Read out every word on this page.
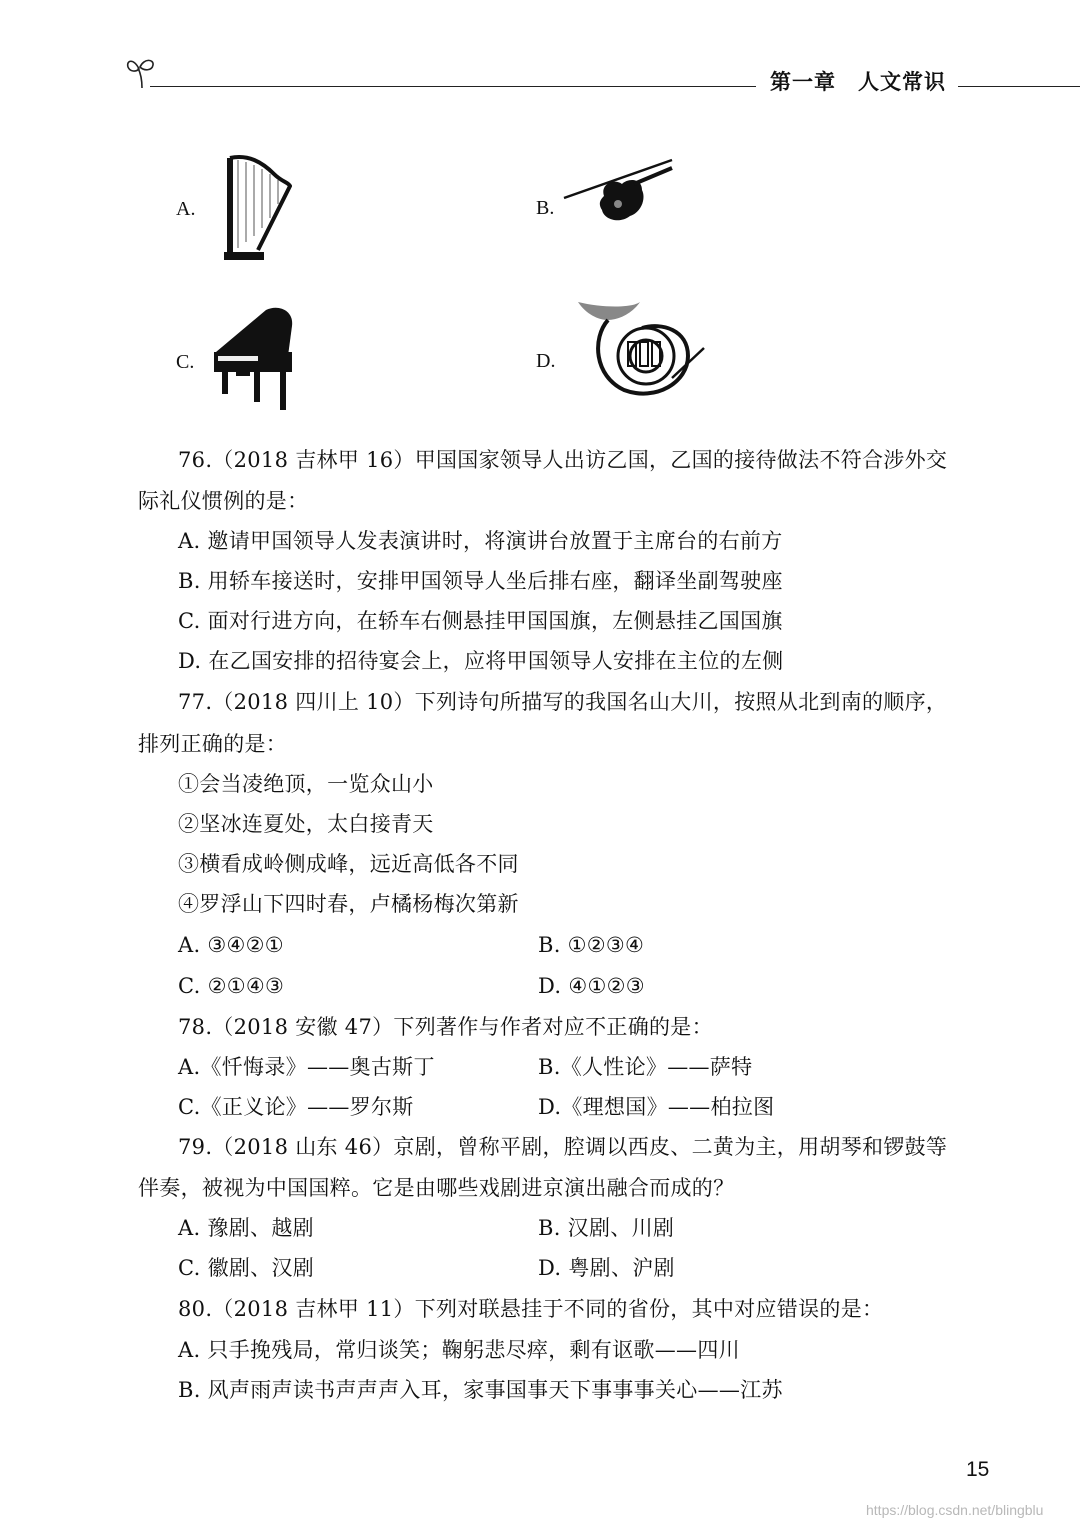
第一章 人文常识
A.	B.
C.	D.
76.（2018 吉林甲 16）甲国国家领导人出访乙国，乙国的接待做法不符合涉外交
际礼仪惯例的是：
A. 邀请甲国领导人发表演讲时，将演讲台放置于主席台的右前方
B. 用轿车接送时，安排甲国领导人坐后排右座，翻译坐副驾驶座
C. 面对行进方向，在轿车右侧悬挂甲国国旗，左侧悬挂乙国国旗
D. 在乙国安排的招待宴会上，应将甲国领导人安排在主位的左侧
77.（2018 四川上 10）下列诗句所描写的我国名山大川，按照从北到南的顺序，
排列正确的是：
①会当凌绝顶，一览众山小
②坚冰连夏处，太白接青天
③横看成岭侧成峰，远近高低各不同
④罗浮山下四时春，卢橘杨梅次第新
A. ③④②①	B. ①②③④
C. ②①④③	D. ④①②③
78.（2018 安徽 47）下列著作与作者对应不正确的是：
A.《忏悔录》——奥古斯丁	B.《人性论》——萨特
C.《正义论》——罗尔斯	D.《理想国》——柏拉图
79.（2018 山东 46）京剧，曾称平剧，腔调以西皮、二黄为主，用胡琴和锣鼓等
伴奏，被视为中国国粹。它是由哪些戏剧进京演出融合而成的？
A. 豫剧、越剧	B. 汉剧、川剧
C. 徽剧、汉剧	D. 粤剧、沪剧
80.（2018 吉林甲 11）下列对联悬挂于不同的省份，其中对应错误的是：
A. 只手挽残局，常归谈笑；鞠躬悲尽瘁，剩有讴歌——四川
B. 风声雨声读书声声声入耳，家事国事天下事事事关心——江苏
15
https://blog.csdn.net/blingblu
